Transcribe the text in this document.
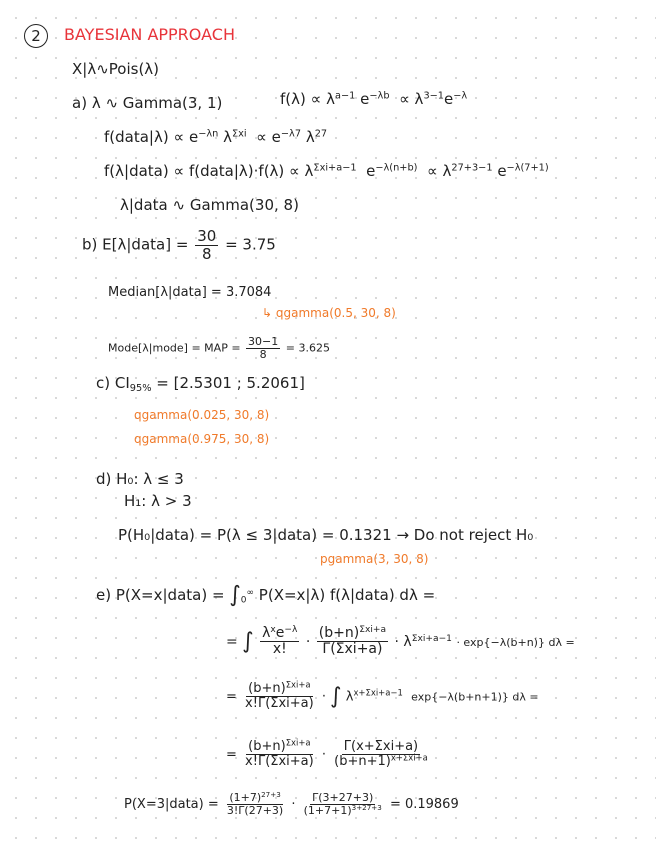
2	BAYESIAN APPROACH
X|λ∿Pois(λ)
a) λ ∿ Gamma(3, 1)	$f(\lambda) \propto \lambda^{a-1}$ $e^{-\lambda b} \propto \lambda^{3-1}e^{-\lambda}$
f(data|λ) ∝ $e^{-\lambda n}$ $\lambda^{\Sigma xi} \propto e^{-\lambda 7}$ $\lambda^{27}$
f(λ|data) ∝ f(data|λ)·f(λ) ∝ $\lambda^{\Sigma xi+a-1}$ $e^{-\lambda(n+b)} \propto \lambda^{27+3-1}$ $e^{-\lambda(7+1)}$
λ|data ∿ Gamma(30, 8)
b) E[λ|data] = $\frac{30}{8} = 3.75$
Median[λ|data] = 3.7084
↳ qgamma(0.5, 30, 8)
Mode[λ|mode] = MAP = $\frac{30-1}{8} = 3.625$
c) $CI_{95\%} = [2.5301$ ; 5.2061]
qgamma(0.025, 30, 8)
qgamma(0.975, 30, 8)
d) H₀: λ ≤ 3
H₁: λ > 3
P(H₀|data) = P(λ ≤ 3|data) = 0.1321 → Do not reject H₀
pgamma(3, 30, 8)
e) P(X=x|data) = $\int_0^\infty$ P(X=x|λ) f(λ|data) dλ =
= ∫ $\frac{\lambda^xe^{-\lambda}}{x!} \cdot \frac{(b+n)^{\Sigma xi+a}}{\text{Γ(Σxi+a)}} \cdot \lambda^{\Sigma xi+a-1} \cdot \exp\{-\lambda(b+n)\} d\lambda$ =
= $\frac{(b+n)^{\Sigma xi+a}}{\text{x!Γ(Σxi+a)}}$ · ∫ $\lambda^{x+\Sigma xi+a-1}$ exp{−λ(b+n+1)} dλ =
= $\frac{(b+n)^{\Sigma xi+a}}{\text{x!Γ(Σxi+a)}} \cdot \frac{\text{Γ(x+Σxi+a)}}{(b+n+1)^{x+\Sigma xi+a}}$
P(X=3|data) = $\frac{(1+7)^{27+3}}{3!\Gamma(27+3)} \cdot \frac{\Gamma(3+27+3)}{(1+7+1)^{3+27+3}} = 0.19869$
